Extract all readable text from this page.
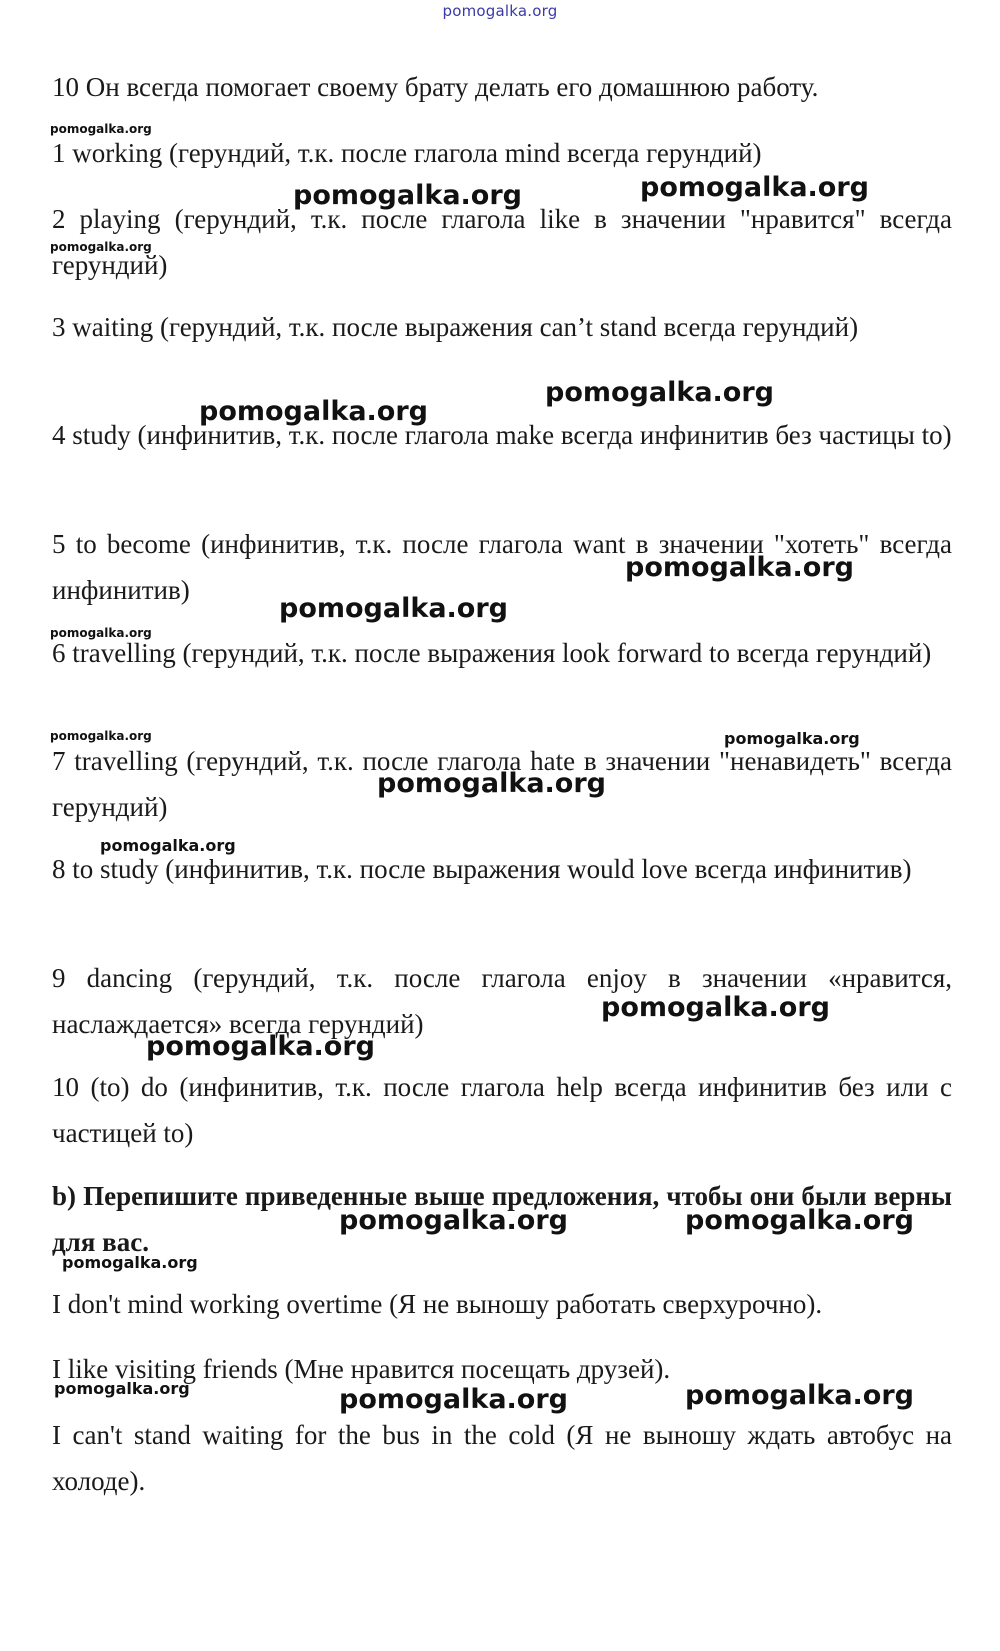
pomogalka.org

10 Он всегда помогает своему брату делать его домашнюю работу.

1 working (герундий, т.к. после глагола mind всегда герундий)

2 playing (герундий, т.к. после глагола like в значении "нравится" всегда герундий)

3 waiting (герундий, т.к. после выражения can’t stand всегда герундий)

4 study (инфинитив, т.к. после глагола make всегда инфинитив без частицы to)

5 to become (инфинитив, т.к. после глагола want в значении "хотеть" всегда инфинитив)

6 travelling (герундий, т.к. после выражения look forward to всегда герундий)

7 travelling (герундий, т.к. после глагола hate в значении "ненавидеть" всегда герундий)

8 to study (инфинитив, т.к. после выражения would love всегда инфинитив)

9 dancing (герундий, т.к. после глагола enjoy в значении «нравится, наслаждается» всегда герундий)

10 (to) do (инфинитив, т.к. после глагола help всегда инфинитив без или с частицей to)

b) Перепишите приведенные выше предложения, чтобы они были верны для вас.

I don't mind working overtime (Я не выношу работать сверхурочно).

I like visiting friends (Мне нравится посещать друзей).

I can't stand waiting for the bus in the cold (Я не выношу ждать автобус на холоде).

pomogalka.org
pomogalka.org	pomogalka.org
pomogalka.org
pomogalka.org
pomogalka.org
pomogalka.org
pomogalka.org
pomogalka.org
pomogalka.org	pomogalka.org
pomogalka.org
pomogalka.org
pomogalka.org
pomogalka.org
pomogalka.org	pomogalka.org
pomogalka.org
pomogalka.org	pomogalka.org	pomogalka.org
